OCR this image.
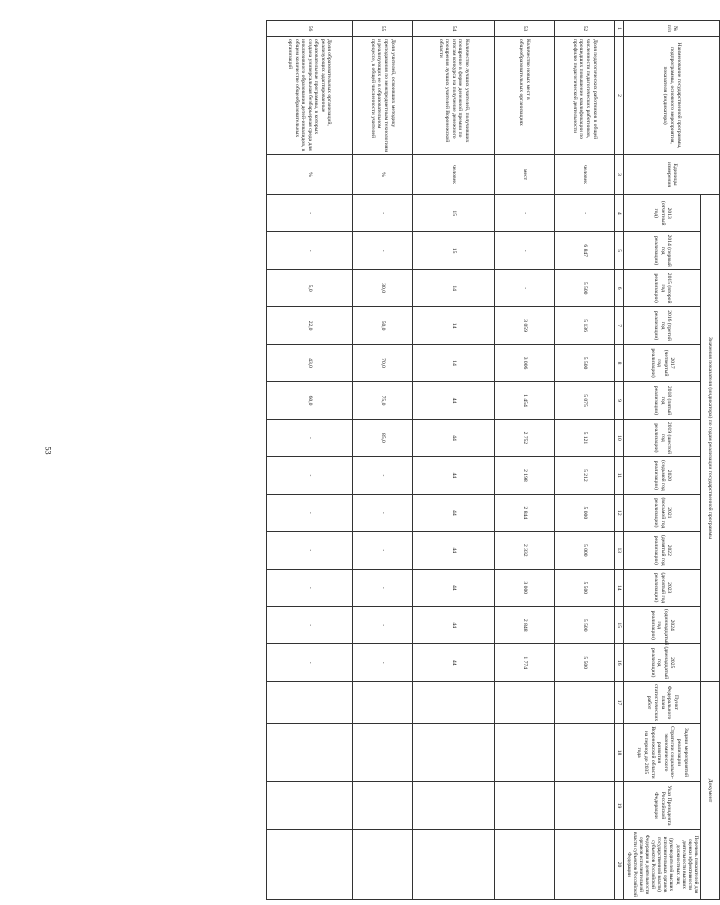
53
№ п/п	Наименование государственной программы, подпрограммы, основного мероприятия, показателя (индикатора)	Единицы измерения	Значения показателя (индикатора) по годам реализации государственной программы													Документ			
			2013 (отчетный год)	2014 (первый год реализации)	2015 (второй год реализации)	2016 (третий год реализации)	2017 (четвертый год реализации)	2018 (пятый год реализации)	2019 (шестой год реализации)	2020 (седьмой год реализации)	2021 (восьмой год реализации)	2022 (девятый год реализации)	2023 (десятый год реализации)	2024 (одиннадцатый год реализации)	2025 (двенадцатый год реализации)	Пункт Федерального плана статистических работ	Задачи мероприятий реализации Стратегии социально-экономического развития Воронежской области на период до 2035 года	Указ Президента Российской Федерации	Перечень показателей для оценки эффективности деятельности высших должностных лиц (руководителей высших исполнительных органов государственной власти) субъектов Российской Федерации и деятельности органов исполнительной власти субъектов Российской Федерации
1	2	3	4	5	6	7	8	9	10	11	12	13	14	15	16	17	18	19	20
52	Доля педагогических работников в общей численности педагогических работников, прошедших повышение квалификации по профилю педагогической деятельности	человек	-	6 847	5 500	5 136	5 500	5 075	5 121	5 212	5 000	5 000	5 500	5 500	5 500				
53	Количество новых мест в общеобразовательных организациях	мест	-	-	-	3 059	3 006	1 454	2 752	2 198	2 844	2 332	3 000	2 848	1 774				
54	Количество лучших учителей, получивших поощрение в форме денежной премии по итогам конкурса на получение денежного поощрения лучших учителей Воронежской области	человек	15	15	14	14	14	44	44	44	44	44	44	44	44				
55	Доля учителей, освоивших методику преподавания по межпредметным технологиям и реализующих ее в образовательном процессе, в общей численности учителей	%	-	-	30,0	50,0	70,0	75,0	85,0	-	-	-	-	-	-				
56	Доля образовательных организаций, реализующих адаптированные образовательные программы, в которых создана универсальная безбарьерная среда для инклюзивного образования детей-инвалидов, в общем количестве общеобразовательных организаций	%	-	-	5,0	22,0	43,0	60,0	-	-	-	-	-	-	-				
